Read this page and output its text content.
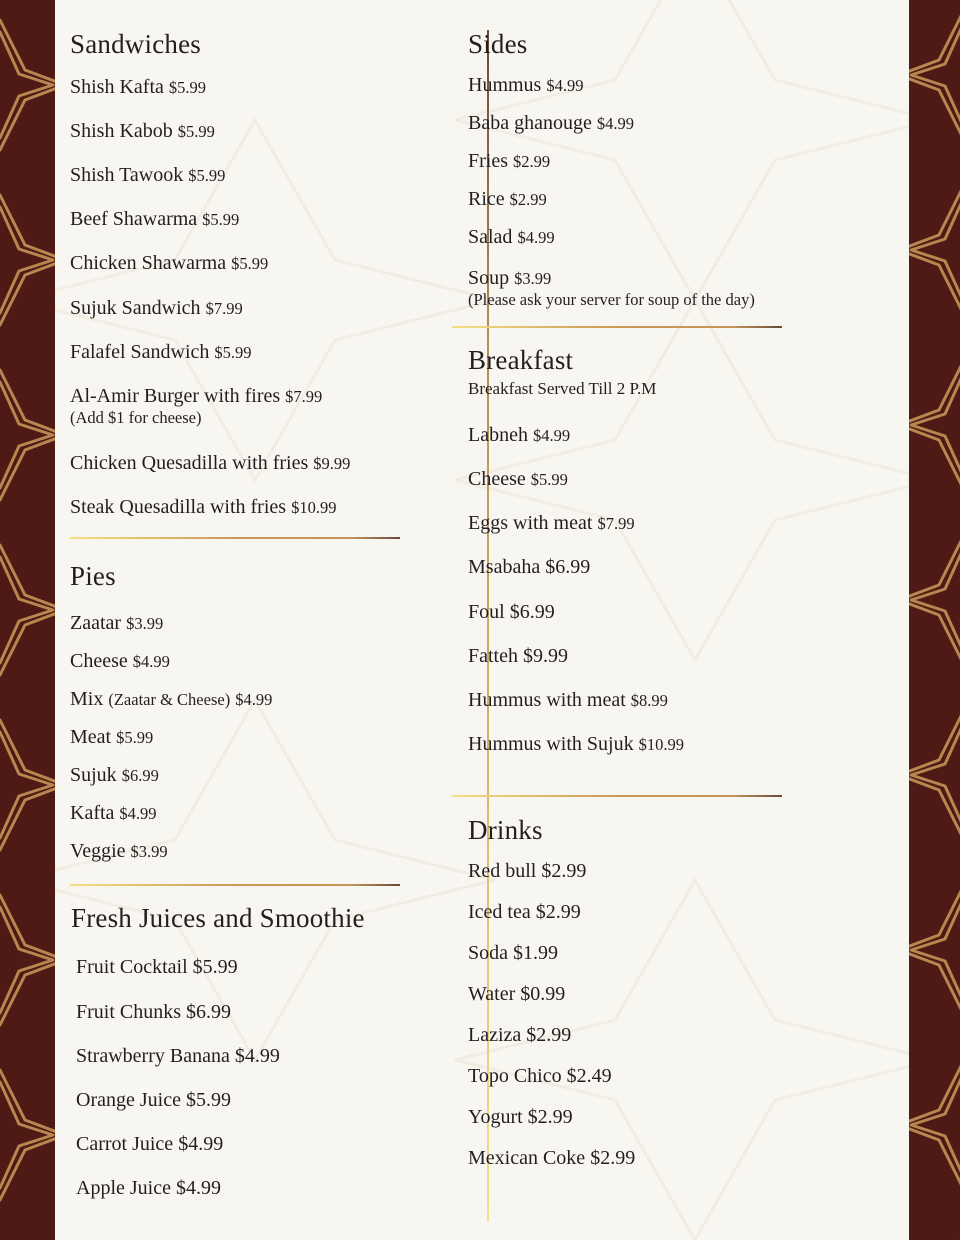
Sandwiches
Shish Kafta $5.99
Shish Kabob $5.99
Shish Tawook $5.99
Beef Shawarma $5.99
Chicken Shawarma $5.99
Sujuk Sandwich $7.99
Falafel Sandwich $5.99
Al-Amir Burger with fires $7.99
(Add $1 for cheese)
Chicken Quesadilla with fries $9.99
Steak Quesadilla with fries $10.99
Pies
Zaatar $3.99
Cheese $4.99
Mix (Zaatar & Cheese) $4.99
Meat $5.99
Sujuk $6.99
Kafta $4.99
Veggie $3.99
Fresh Juices and Smoothie
Fruit Cocktail $5.99
Fruit Chunks $6.99
Strawberry Banana $4.99
Orange Juice $5.99
Carrot Juice $4.99
Apple Juice $4.99
Sides
Hummus $4.99
Baba ghanouge $4.99
Fries $2.99
Rice $2.99
Salad $4.99
Soup $3.99
(Please ask your server for soup of the day)
Breakfast
Breakfast Served Till 2 P.M
Labneh $4.99
Cheese $5.99
Eggs with meat $7.99
Msabaha $6.99
Foul $6.99
Fatteh $9.99
Hummus with meat $8.99
Hummus with Sujuk $10.99
Drinks
Red bull $2.99
Iced tea $2.99
Soda $1.99
Water $0.99
Laziza $2.99
Topo Chico $2.49
Yogurt $2.99
Mexican Coke $2.99
